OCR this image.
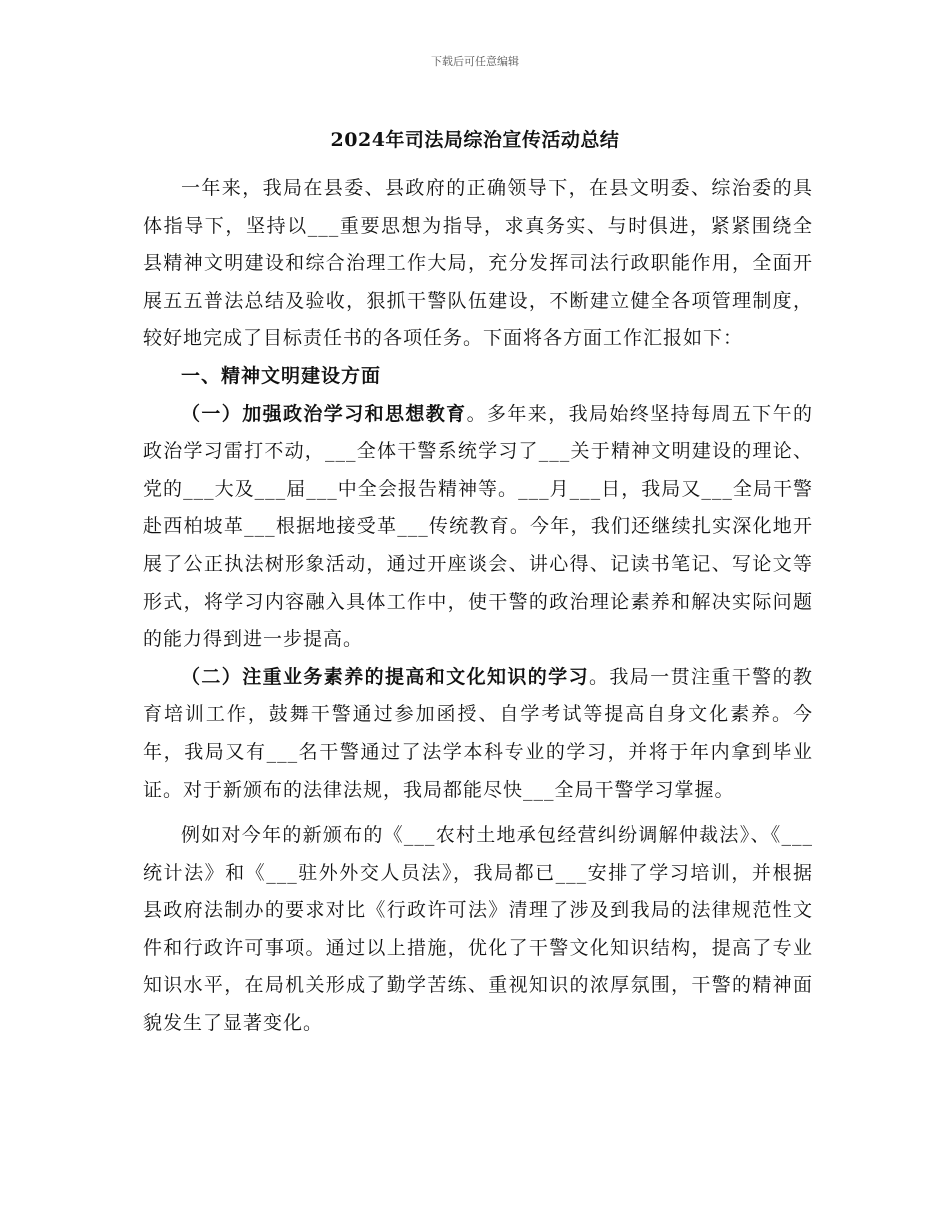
下载后可任意编辑
2024年司法局综治宣传活动总结

一年来，我局在县委、县政府的正确领导下，在县文明委、综治委的具体指导下，坚持以___重要思想为指导，求真务实、与时俱进，紧紧围绕全县精神文明建设和综合治理工作大局，充分发挥司法行政职能作用，全面开展五五普法总结及验收，狠抓干警队伍建设，不断建立健全各项管理制度，较好地完成了目标责任书的各项任务。下面将各方面工作汇报如下：

一、精神文明建设方面

（一）加强政治学习和思想教育。多年来，我局始终坚持每周五下午的政治学习雷打不动，___全体干警系统学习了___关于精神文明建设的理论、党的___大及___届___中全会报告精神等。___月___日，我局又___全局干警赴西柏坡革___根据地接受革___传统教育。今年，我们还继续扎实深化地开展了公正执法树形象活动，通过开座谈会、讲心得、记读书笔记、写论文等形式，将学习内容融入具体工作中，使干警的政治理论素养和解决实际问题的能力得到进一步提高。

（二）注重业务素养的提高和文化知识的学习。我局一贯注重干警的教育培训工作，鼓舞干警通过参加函授、自学考试等提高自身文化素养。今年，我局又有___名干警通过了法学本科专业的学习，并将于年内拿到毕业证。对于新颁布的法律法规，我局都能尽快___全局干警学习掌握。

例如对今年的新颁布的《___农村土地承包经营纠纷调解仲裁法》、《___统计法》和《___驻外外交人员法》，我局都已___安排了学习培训，并根据县政府法制办的要求对比《行政许可法》清理了涉及到我局的法律规范性文件和行政许可事项。通过以上措施，优化了干警文化知识结构，提高了专业知识水平，在局机关形成了勤学苦练、重视知识的浓厚氛围，干警的精神面貌发生了显著变化。
